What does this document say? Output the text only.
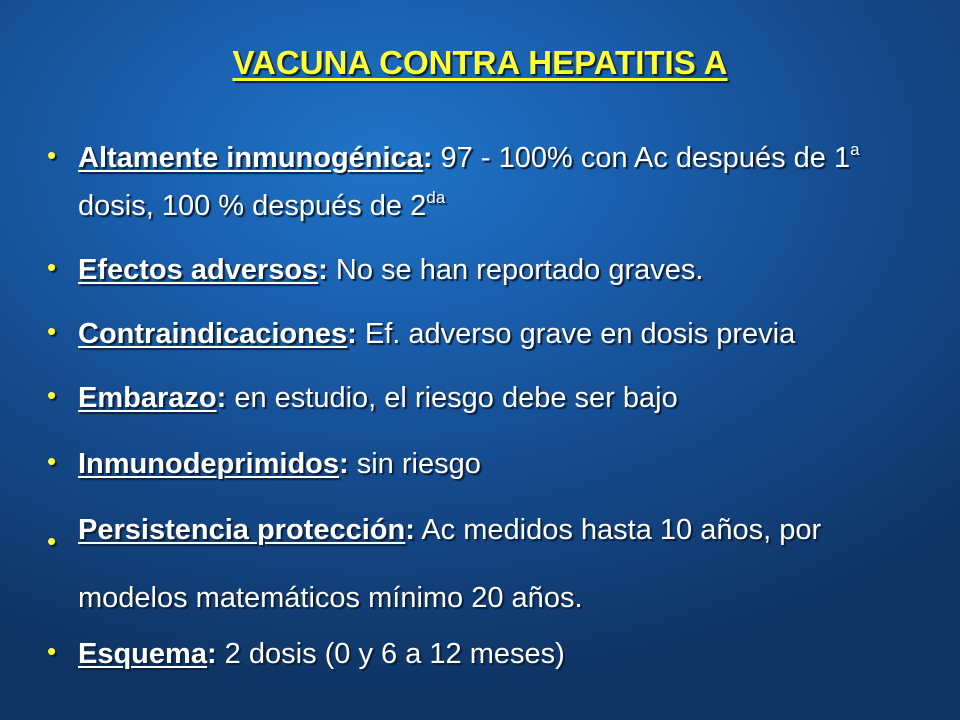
VACUNA CONTRA HEPATITIS A
• Altamente inmunogénica: 97 - 100% con Ac después de 1$^a$ dosis, 100 % después de $2^{da}$
• Efectos adversos: No se han reportado graves.
• Contraindicaciones: Ef. adverso grave en dosis previa
• Embarazo: en estudio, el riesgo debe ser bajo
• Inmunodeprimidos: sin riesgo
• Persistencia protección: Ac medidos hasta 10 años, por modelos matemáticos mínimo 20 años.
• Esquema: 2 dosis (0 y 6 a 12 meses)
